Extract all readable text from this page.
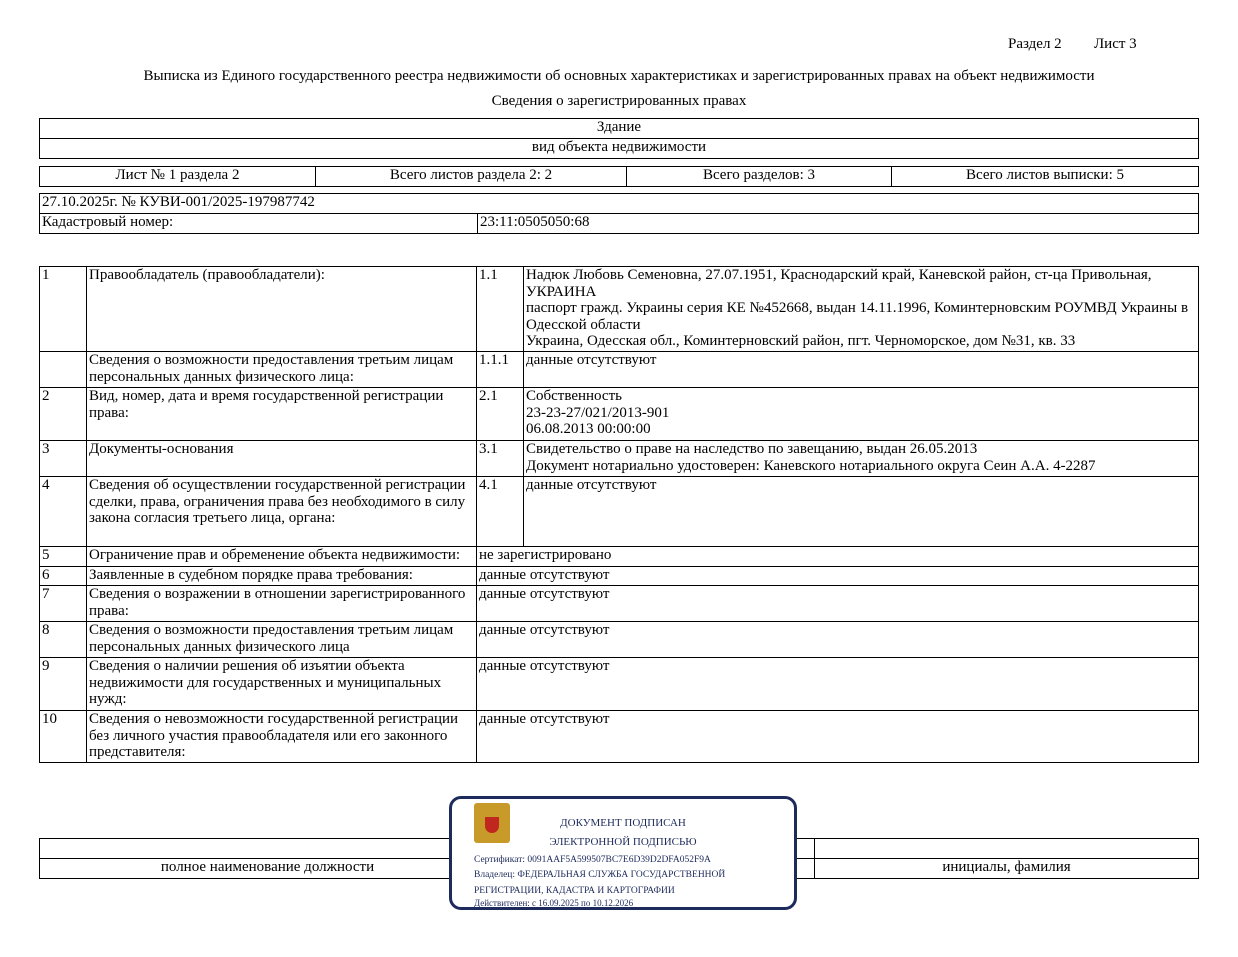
Раздел 2 Лист 3
Выписка из Единого государственного реестра недвижимости об основных характеристиках и зарегистрированных правах на объект недвижимости
Сведения о зарегистрированных правах
Здание
вид объекта недвижимости
Лист № 1 раздела 2	Всего листов раздела 2: 2	Всего разделов: 3	Всего листов выписки: 5
27.10.2025г. № КУВИ-001/2025-197987742
Кадастровый номер:	23:11:0505050:68
1	Правообладатель (правообладатели):	1.1	Надюк Любовь Семеновна, 27.07.1951, Краснодарский край, Каневской район, ст-ца Привольная, УКРАИНА
паспорт гражд. Украины серия КЕ №452668, выдан 14.11.1996, Коминтерновским РОУМВД Украины в Одесской области
Украина, Одесская обл., Коминтерновский район, пгт. Черноморское, дом №31, кв. 33
	Сведения о возможности предоставления третьим лицам персональных данных физического лица:	1.1.1	данные отсутствуют
2	Вид, номер, дата и время государственной регистрации права:	2.1	Собственность
23-23-27/021/2013-901
06.08.2013 00:00:00
3	Документы-основания	3.1	Свидетельство о праве на наследство по завещанию, выдан 26.05.2013
Документ нотариально удостоверен: Каневского нотариального округа Сеин А.А. 4-2287
4	Сведения об осуществлении государственной регистрации сделки, права, ограничения права без необходимого в силу закона согласия третьего лица, органа:	4.1	данные отсутствуют
5	Ограничение прав и обременение объекта недвижимости:	не зарегистрировано	
6	Заявленные в судебном порядке права требования:	данные отсутствуют	
7	Сведения о возражении в отношении зарегистрированного права:	данные отсутствуют	
8	Сведения о возможности предоставления третьим лицам персональных данных физического лица	данные отсутствуют	
9	Сведения о наличии решения об изъятии объекта недвижимости для государственных и муниципальных нужд:	данные отсутствуют	
10	Сведения о невозможности государственной регистрации без личного участия правообладателя или его законного представителя:	данные отсутствуют	

полное наименование должности		инициалы, фамилия
ДОКУМЕНТ ПОДПИСАН
ЭЛЕКТРОННОЙ ПОДПИСЬЮ
Сертификат: 0091AAF5A599507BC7E6D39D2DFA052F9A
Владелец: ФЕДЕРАЛЬНАЯ СЛУЖБА ГОСУДАРСТВЕННОЙ
РЕГИСТРАЦИИ, КАДАСТРА И КАРТОГРАФИИ
Действителен: с 16.09.2025 по 10.12.2026
